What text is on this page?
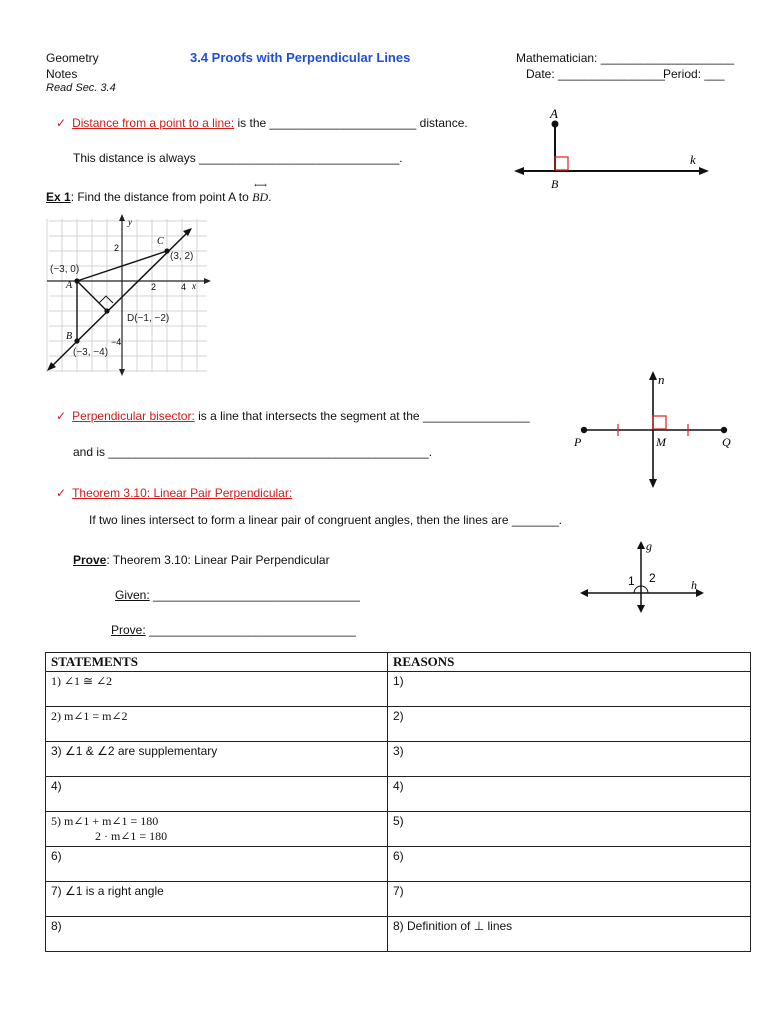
Geometry
Notes
Read Sec. 3.4
3.4 Proofs with Perpendicular Lines	Mathematician: ____________________
Date: ________________
Period: ___
✓ Distance from a point to a line: is the ______________________ distance.
This distance is always ______________________________.
A
B
k
Ex 1: Find the distance from point A to
⟷
BD.
y
x
2
−4
2	4
A
B
C
(−3, 0)
(3, 2)
D(−1, −2)
(−3, −4)
✓ Perpendicular bisector: is a line that intersects the segment at the ________________
and is ________________________________________________.
n
P	M	Q
✓ Theorem 3.10: Linear Pair Perpendicular:
If two lines intersect to form a linear pair of congruent angles, then the lines are _______.
Prove: Theorem 3.10: Linear Pair Perpendicular
Given: _______________________________
Prove: _______________________________
g
h
1 2
STATEMENTS	REASONS
1) ∠1 ≅ ∠2	1)
2) m∠1 = m∠2	2)
3) ∠1 & ∠2 are supplementary	3)
4)	4)

5) m∠1 + m∠1 = 180
2 · m∠1 = 180	5)
6)	6)
7) ∠1 is a right angle	7)
8)	8) Definition of ⊥ lines
